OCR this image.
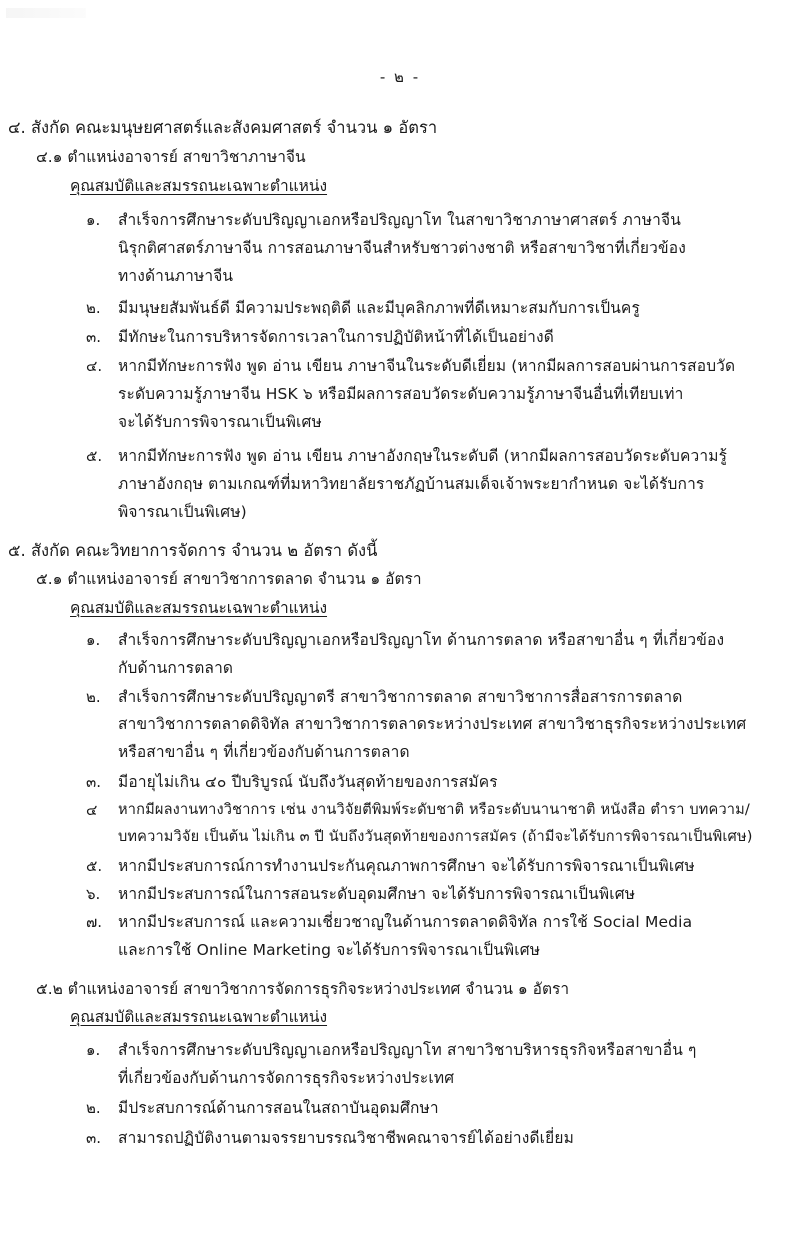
- ๒ -
๔. สังกัด คณะมนุษยศาสตร์และสังคมศาสตร์ จำนวน ๑ อัตรา
๔.๑ ตำแหน่งอาจารย์ สาขาวิชาภาษาจีน
คุณสมบัติและสมรรถนะเฉพาะตำแหน่ง
๑. สำเร็จการศึกษาระดับปริญญาเอกหรือปริญญาโท ในสาขาวิชาภาษาศาสตร์ ภาษาจีน
นิรุกติศาสตร์ภาษาจีน การสอนภาษาจีนสำหรับชาวต่างชาติ หรือสาขาวิชาที่เกี่ยวข้อง
ทางด้านภาษาจีน
๒. มีมนุษยสัมพันธ์ดี มีความประพฤติดี และมีบุคลิกภาพที่ดีเหมาะสมกับการเป็นครู
๓. มีทักษะในการบริหารจัดการเวลาในการปฏิบัติหน้าที่ได้เป็นอย่างดี
๔. หากมีทักษะการฟัง พูด อ่าน เขียน ภาษาจีนในระดับดีเยี่ยม (หากมีผลการสอบผ่านการสอบวัด
ระดับความรู้ภาษาจีน HSK ๖ หรือมีผลการสอบวัดระดับความรู้ภาษาจีนอื่นที่เทียบเท่า
จะได้รับการพิจารณาเป็นพิเศษ
๕. หากมีทักษะการฟัง พูด อ่าน เขียน ภาษาอังกฤษในระดับดี (หากมีผลการสอบวัดระดับความรู้
ภาษาอังกฤษ ตามเกณฑ์ที่มหาวิทยาลัยราชภัฏบ้านสมเด็จเจ้าพระยากำหนด จะได้รับการ
พิจารณาเป็นพิเศษ)
๕. สังกัด คณะวิทยาการจัดการ จำนวน ๒ อัตรา ดังนี้
๕.๑ ตำแหน่งอาจารย์ สาขาวิชาการตลาด จำนวน ๑ อัตรา
คุณสมบัติและสมรรถนะเฉพาะตำแหน่ง
๑. สำเร็จการศึกษาระดับปริญญาเอกหรือปริญญาโท ด้านการตลาด หรือสาขาอื่น ๆ ที่เกี่ยวข้อง
กับด้านการตลาด
๒. สำเร็จการศึกษาระดับปริญญาตรี สาขาวิชาการตลาด สาขาวิชาการสื่อสารการตลาด
สาขาวิชาการตลาดดิจิทัล สาขาวิชาการตลาดระหว่างประเทศ สาขาวิชาธุรกิจระหว่างประเทศ
หรือสาขาอื่น ๆ ที่เกี่ยวข้องกับด้านการตลาด
๓. มีอายุไม่เกิน ๔๐ ปีบริบูรณ์ นับถึงวันสุดท้ายของการสมัคร
๔ หากมีผลงานทางวิชาการ เช่น งานวิจัยตีพิมพ์ระดับชาติ หรือระดับนานาชาติ หนังสือ ตำรา บทความ/
บทความวิจัย เป็นต้น ไม่เกิน ๓ ปี นับถึงวันสุดท้ายของการสมัคร (ถ้ามีจะได้รับการพิจารณาเป็นพิเศษ)
๕. หากมีประสบการณ์การทำงานประกันคุณภาพการศึกษา จะได้รับการพิจารณาเป็นพิเศษ
๖. หากมีประสบการณ์ในการสอนระดับอุดมศึกษา จะได้รับการพิจารณาเป็นพิเศษ
๗. หากมีประสบการณ์ และความเชี่ยวชาญในด้านการตลาดดิจิทัล การใช้ Social Media
และการใช้ Online Marketing จะได้รับการพิจารณาเป็นพิเศษ
๕.๒ ตำแหน่งอาจารย์ สาขาวิชาการจัดการธุรกิจระหว่างประเทศ จำนวน ๑ อัตรา
คุณสมบัติและสมรรถนะเฉพาะตำแหน่ง
๑. สำเร็จการศึกษาระดับปริญญาเอกหรือปริญญาโท สาขาวิชาบริหารธุรกิจหรือสาขาอื่น ๆ
ที่เกี่ยวข้องกับด้านการจัดการธุรกิจระหว่างประเทศ
๒. มีประสบการณ์ด้านการสอนในสถาบันอุดมศึกษา
๓. สามารถปฏิบัติงานตามจรรยาบรรณวิชาชีพคณาจารย์ได้อย่างดีเยี่ยม
